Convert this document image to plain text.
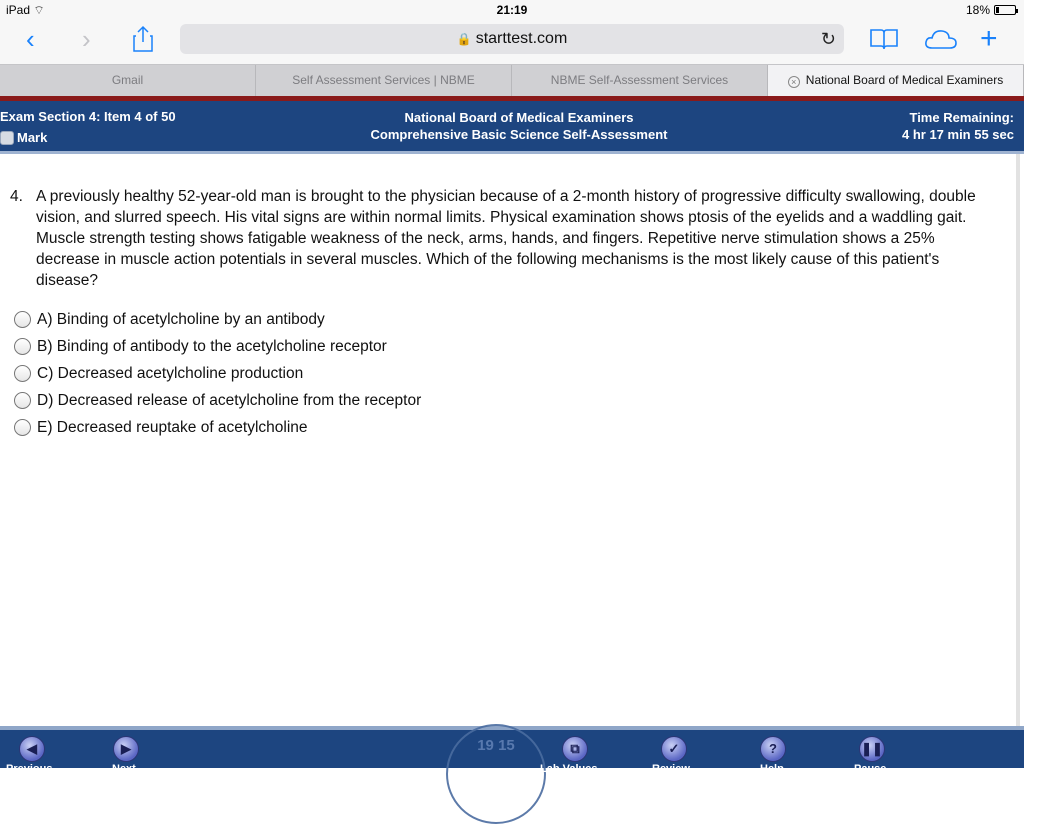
iPad ⌔	21:19	18%
‹ ›	🔒 starttest.com	↻	+
Gmail	Self Assessment Services | NBME	NBME Self-Assessment Services	× National Board of Medical Examiners
Exam Section 4: Item 4 of 50
Mark
National Board of Medical Examiners
Comprehensive Basic Science Self-Assessment
Time Remaining:
4 hr 17 min 55 sec
4. A previously healthy 52-year-old man is brought to the physician because of a 2-month history of progressive difficulty swallowing, double vision, and slurred speech. His vital signs are within normal limits. Physical examination shows ptosis of the eyelids and a waddling gait. Muscle strength testing shows fatigable weakness of the neck, arms, hands, and fingers. Repetitive nerve stimulation shows a 25% decrease in muscle action potentials in several muscles. Which of the following mechanisms is the most likely cause of this patient's disease?
A) Binding of acetylcholine by an antibody
B) Binding of antibody to the acetylcholine receptor
C) Decreased acetylcholine production
D) Decreased release of acetylcholine from the receptor
E) Decreased reuptake of acetylcholine
19 15
◀
Previous
▶
Next
⧉
Lab Values
✓
Review
?
Help
❚❚
Pause
